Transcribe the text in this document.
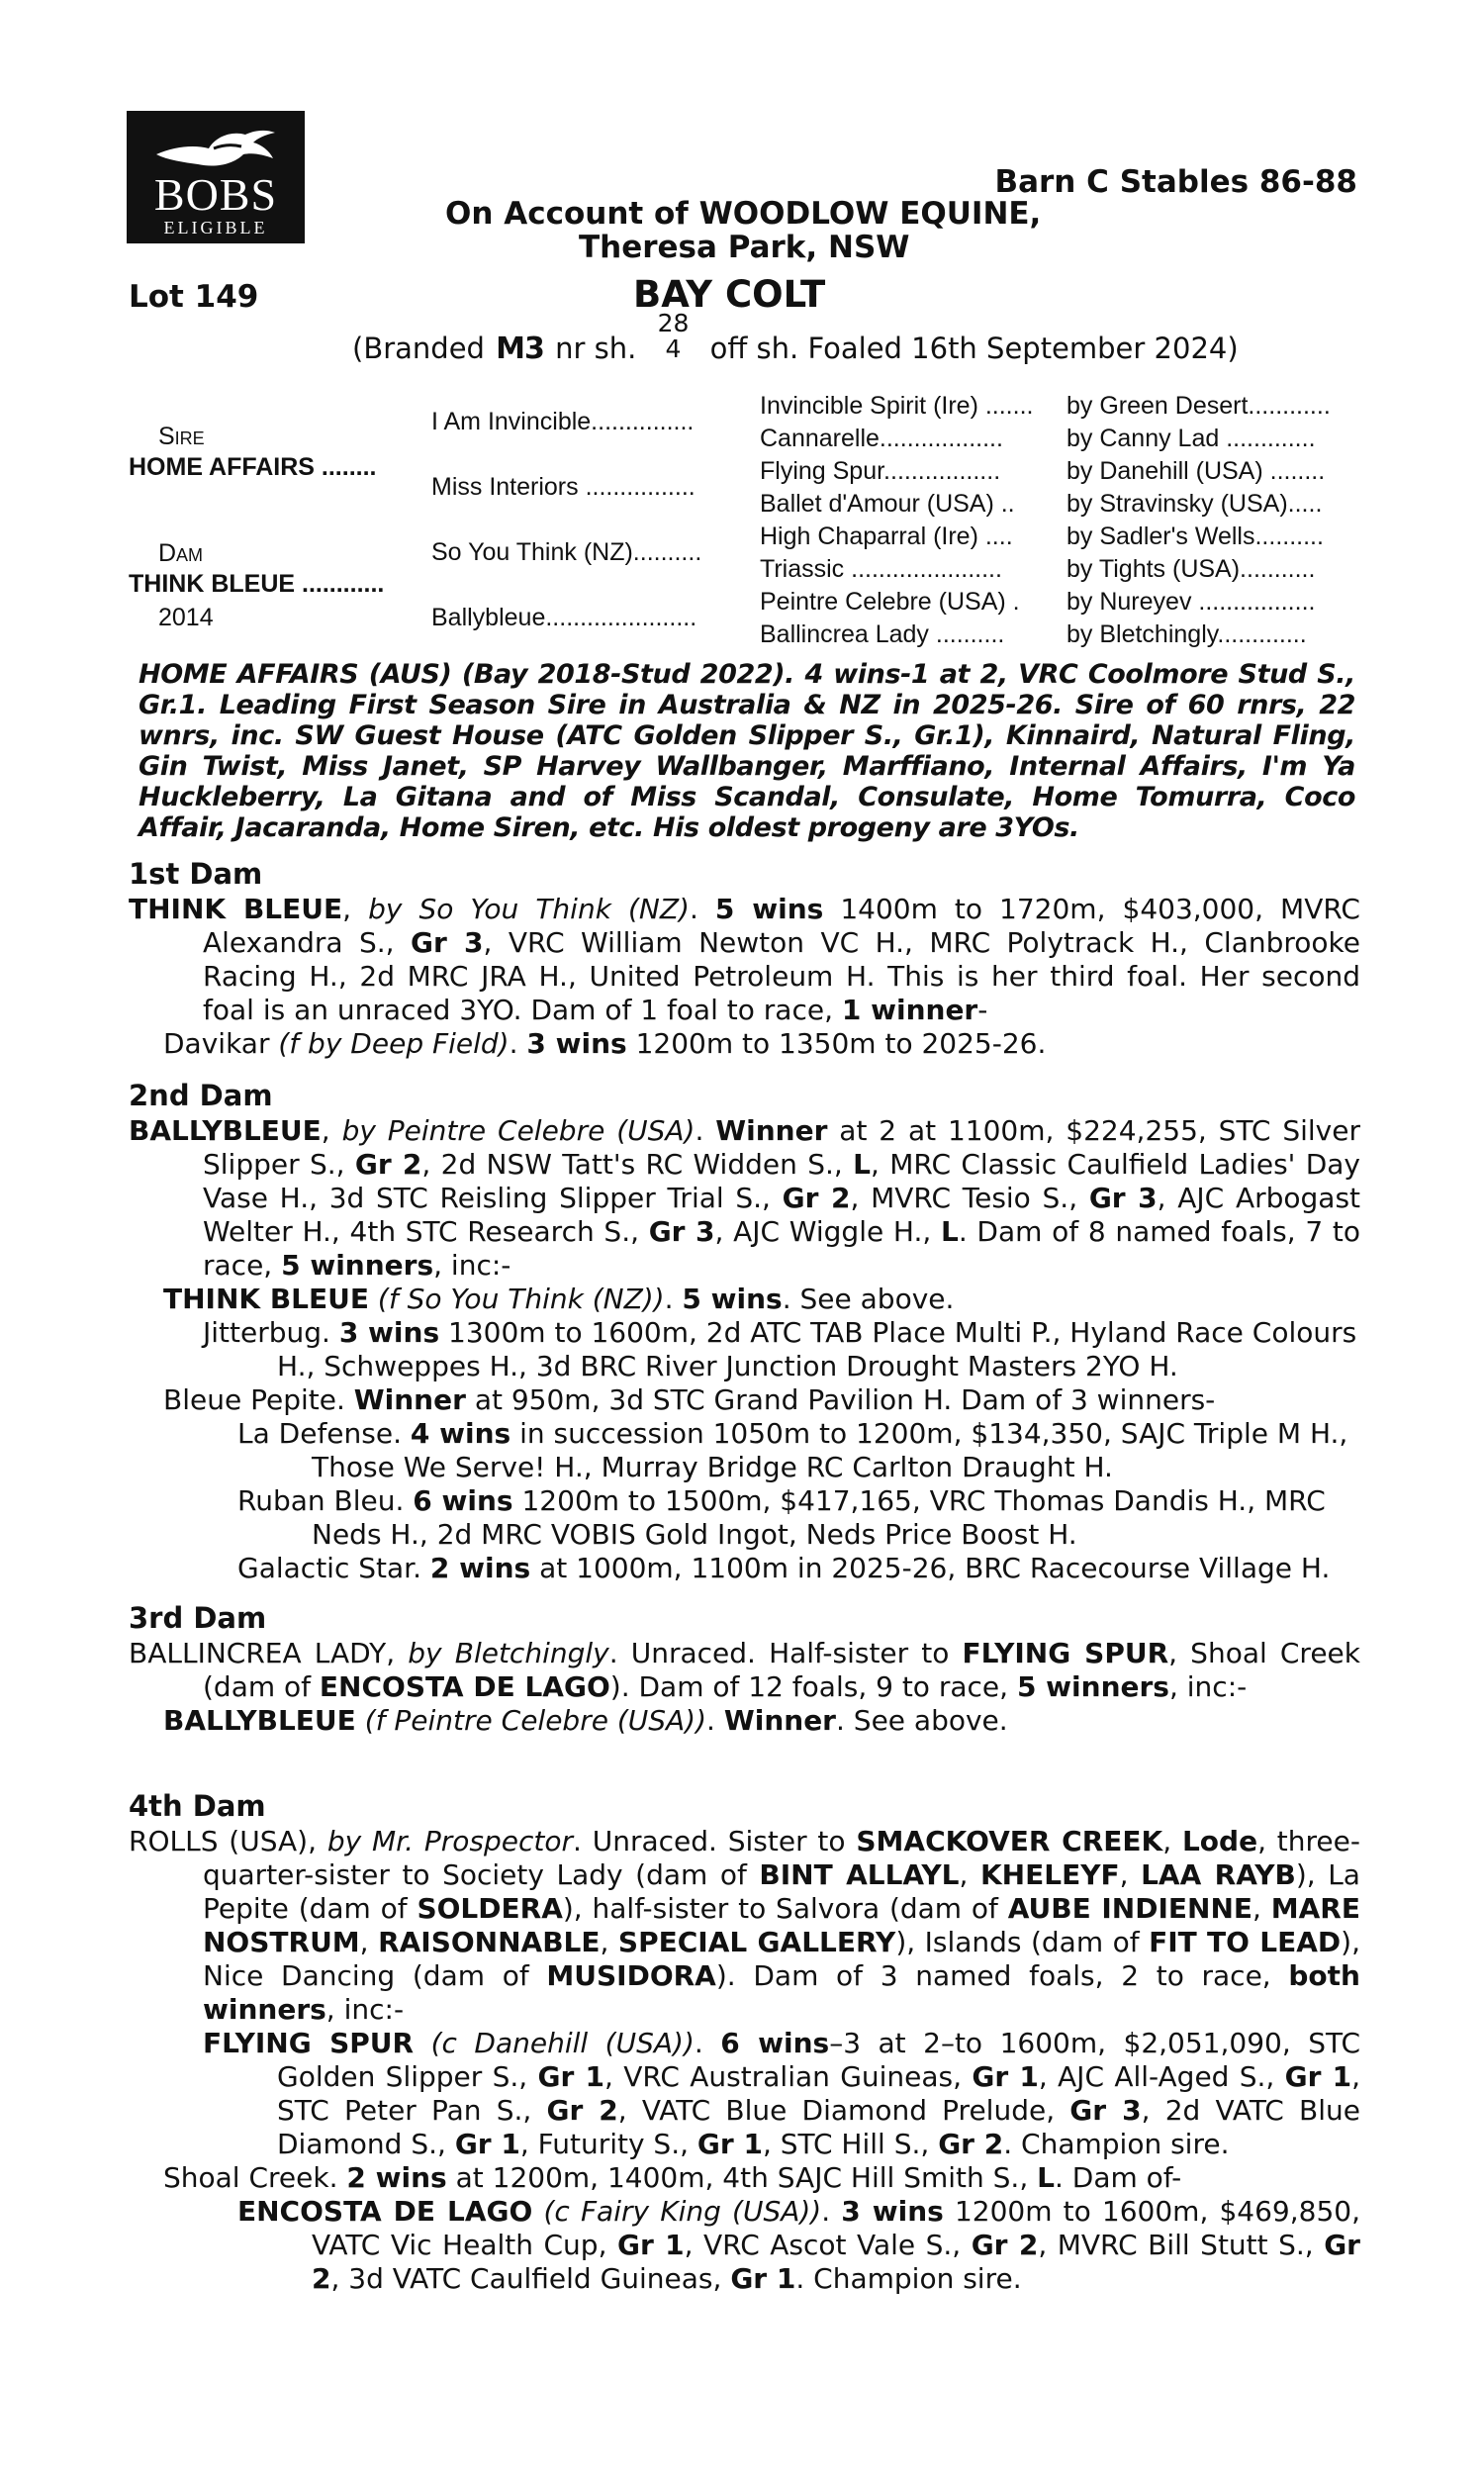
BOBS
ELIGIBLE
Barn C Stables 86-88
On Account of WOODLOW EQUINE,
Theresa Park, NSW
Lot 149	BAY COLT
(Branded M3 nr sh. 28
4 off sh. Foaled 16th September 2024)
Sire
HOME AFFAIRS ........
Dam
THINK BLEUE ............
2014
I Am Invincible...............
Miss Interiors ................
So You Think (NZ)..........
Ballybleue......................
Invincible Spirit (Ire) .......
Cannarelle..................
Flying Spur.................
Ballet d'Amour (USA) ..
High Chaparral (Ire) ....
Triassic ......................
Peintre Celebre (USA) .
Ballincrea Lady ..........
by Green Desert............
by Canny Lad .............
by Danehill (USA) ........
by Stravinsky (USA).....
by Sadler's Wells..........
by Tights (USA)...........
by Nureyev .................
by Bletchingly.............
HOME AFFAIRS (AUS) (Bay 2018-Stud 2022). 4 wins-1 at 2, VRC Coolmore Stud S., Gr.1. Leading First Season Sire in Australia & NZ in 2025-26. Sire of 60 rnrs, 22 wnrs, inc. SW Guest House (ATC Golden Slipper S., Gr.1), Kinnaird, Natural Fling, Gin Twist, Miss Janet, SP Harvey Wallbanger, Marffiano, Internal Affairs, I'm Ya Huckleberry, La Gitana and of Miss Scandal, Consulate, Home Tomurra, Coco Affair, Jacaranda, Home Siren, etc. His oldest progeny are 3YOs.
1st Dam

THINK BLEUE, by So You Think (NZ). 5 wins 1400m to 1720m, $403,000, MVRC Alexandra S., Gr 3, VRC William Newton VC H., MRC Polytrack H., Clanbrooke Racing H., 2d MRC JRA H., United Petroleum H. This is her third foal. Her second foal is an unraced 3YO. Dam of 1 foal to race, 1 winner-

Davikar (f by Deep Field). 3 wins 1200m to 1350m to 2025-26.

2nd Dam

BALLYBLEUE, by Peintre Celebre (USA). Winner at 2 at 1100m, $224,255, STC Silver Slipper S., Gr 2, 2d NSW Tatt's RC Widden S., L, MRC Classic Caulfield Ladies' Day Vase H., 3d STC Reisling Slipper Trial S., Gr 2, MVRC Tesio S., Gr 3, AJC Arbogast Welter H., 4th STC Research S., Gr 3, AJC Wiggle H., L. Dam of 8 named foals, 7 to race, 5 winners, inc:-

THINK BLEUE (f So You Think (NZ)). 5 wins. See above.

Jitterbug. 3 wins 1300m to 1600m, 2d ATC TAB Place Multi P., Hyland Race Colours H., Schweppes H., 3d BRC River Junction Drought Masters 2YO H.

Bleue Pepite. Winner at 950m, 3d STC Grand Pavilion H. Dam of 3 winners-

La Defense. 4 wins in succession 1050m to 1200m, $134,350, SAJC Triple M H., Those We Serve! H., Murray Bridge RC Carlton Draught H.

Ruban Bleu. 6 wins 1200m to 1500m, $417,165, VRC Thomas Dandis H., MRC Neds H., 2d MRC VOBIS Gold Ingot, Neds Price Boost H.

Galactic Star. 2 wins at 1000m, 1100m in 2025-26, BRC Racecourse Village H.

3rd Dam

BALLINCREA LADY, by Bletchingly. Unraced. Half-sister to FLYING SPUR, Shoal Creek (dam of ENCOSTA DE LAGO). Dam of 12 foals, 9 to race, 5 winners, inc:-

BALLYBLEUE (f Peintre Celebre (USA)). Winner. See above.

4th Dam

ROLLS (USA), by Mr. Prospector. Unraced. Sister to SMACKOVER CREEK, Lode, three-quarter-sister to Society Lady (dam of BINT ALLAYL, KHELEYF, LAA RAYB), La Pepite (dam of SOLDERA), half-sister to Salvora (dam of AUBE INDIENNE, MARE NOSTRUM, RAISONNABLE, SPECIAL GALLERY), Islands (dam of FIT TO LEAD), Nice Dancing (dam of MUSIDORA). Dam of 3 named foals, 2 to race, both winners, inc:-

FLYING SPUR (c Danehill (USA)). 6 wins–3 at 2–to 1600m, $2,051,090, STC Golden Slipper S., Gr 1, VRC Australian Guineas, Gr 1, AJC All-Aged S., Gr 1, STC Peter Pan S., Gr 2, VATC Blue Diamond Prelude, Gr 3, 2d VATC Blue Diamond S., Gr 1, Futurity S., Gr 1, STC Hill S., Gr 2. Champion sire.

Shoal Creek. 2 wins at 1200m, 1400m, 4th SAJC Hill Smith S., L. Dam of-

ENCOSTA DE LAGO (c Fairy King (USA)). 3 wins 1200m to 1600m, $469,850, VATC Vic Health Cup, Gr 1, VRC Ascot Vale S., Gr 2, MVRC Bill Stutt S., Gr 2, 3d VATC Caulfield Guineas, Gr 1. Champion sire.
